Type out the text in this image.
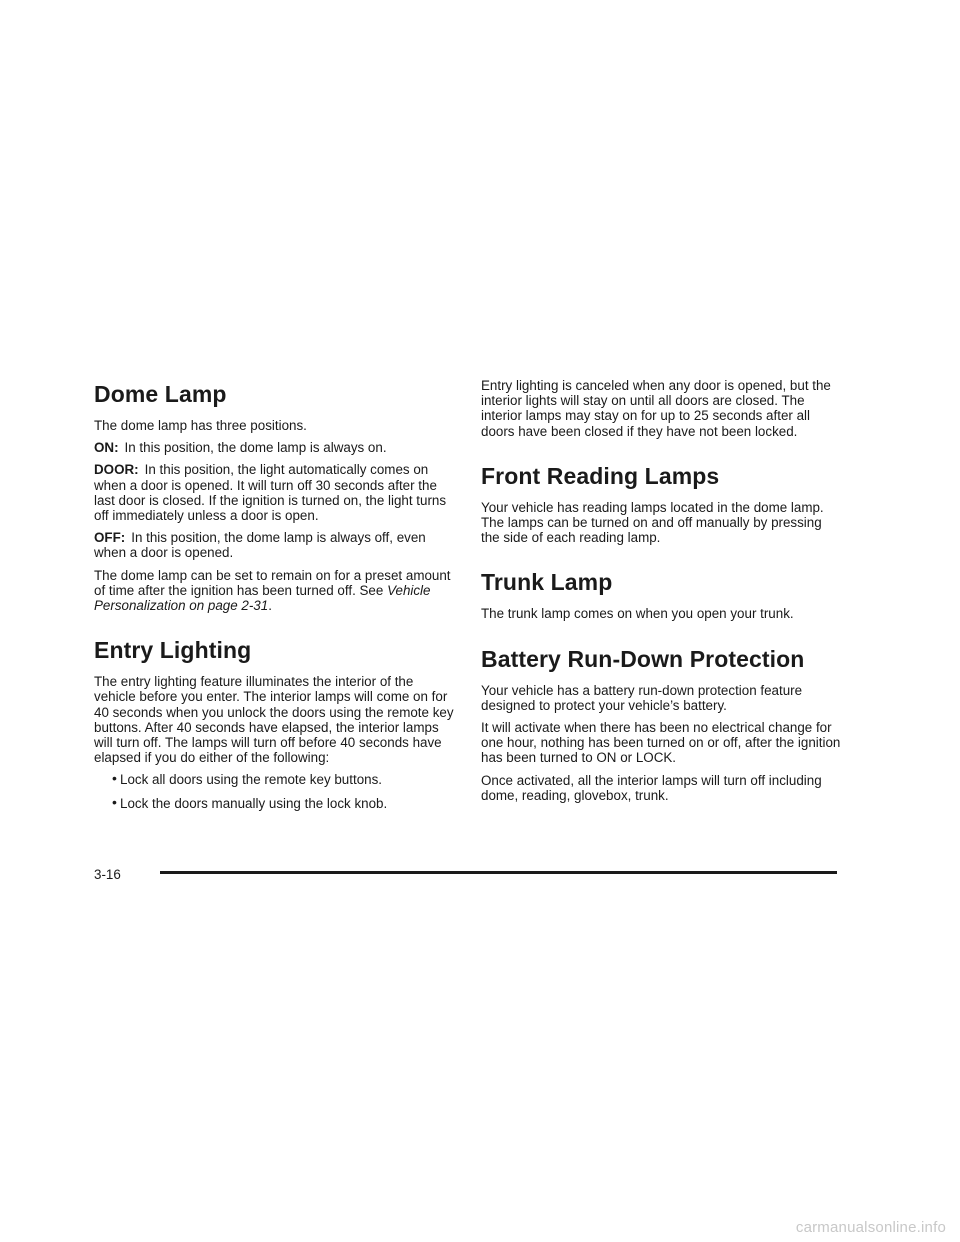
Dome Lamp

The dome lamp has three positions.

ON: In this position, the dome lamp is always on.

DOOR: In this position, the light automatically comes on when a door is opened. It will turn off 30 seconds after the last door is closed. If the ignition is turned on, the light turns off immediately unless a door is open.

OFF: In this position, the dome lamp is always off, even when a door is opened.

The dome lamp can be set to remain on for a preset amount of time after the ignition has been turned off. See Vehicle Personalization on page 2-31.

Entry Lighting

The entry lighting feature illuminates the interior of the vehicle before you enter. The interior lamps will come on for 40 seconds when you unlock the doors using the remote key buttons. After 40 seconds have elapsed, the interior lamps will turn off. The lamps will turn off before 40 seconds have elapsed if you do either of the following:

• Lock all doors using the remote key buttons.
• Lock the doors manually using the lock knob.

Entry lighting is canceled when any door is opened, but the interior lights will stay on until all doors are closed. The interior lamps may stay on for up to 25 seconds after all doors have been closed if they have not been locked.

Front Reading Lamps

Your vehicle has reading lamps located in the dome lamp. The lamps can be turned on and off manually by pressing the side of each reading lamp.

Trunk Lamp

The trunk lamp comes on when you open your trunk.

Battery Run-Down Protection

Your vehicle has a battery run-down protection feature designed to protect your vehicle’s battery.

It will activate when there has been no electrical change for one hour, nothing has been turned on or off, after the ignition has been turned to ON or LOCK.

Once activated, all the interior lamps will turn off including dome, reading, glovebox, trunk.

3-16
carmanualsonline.info
